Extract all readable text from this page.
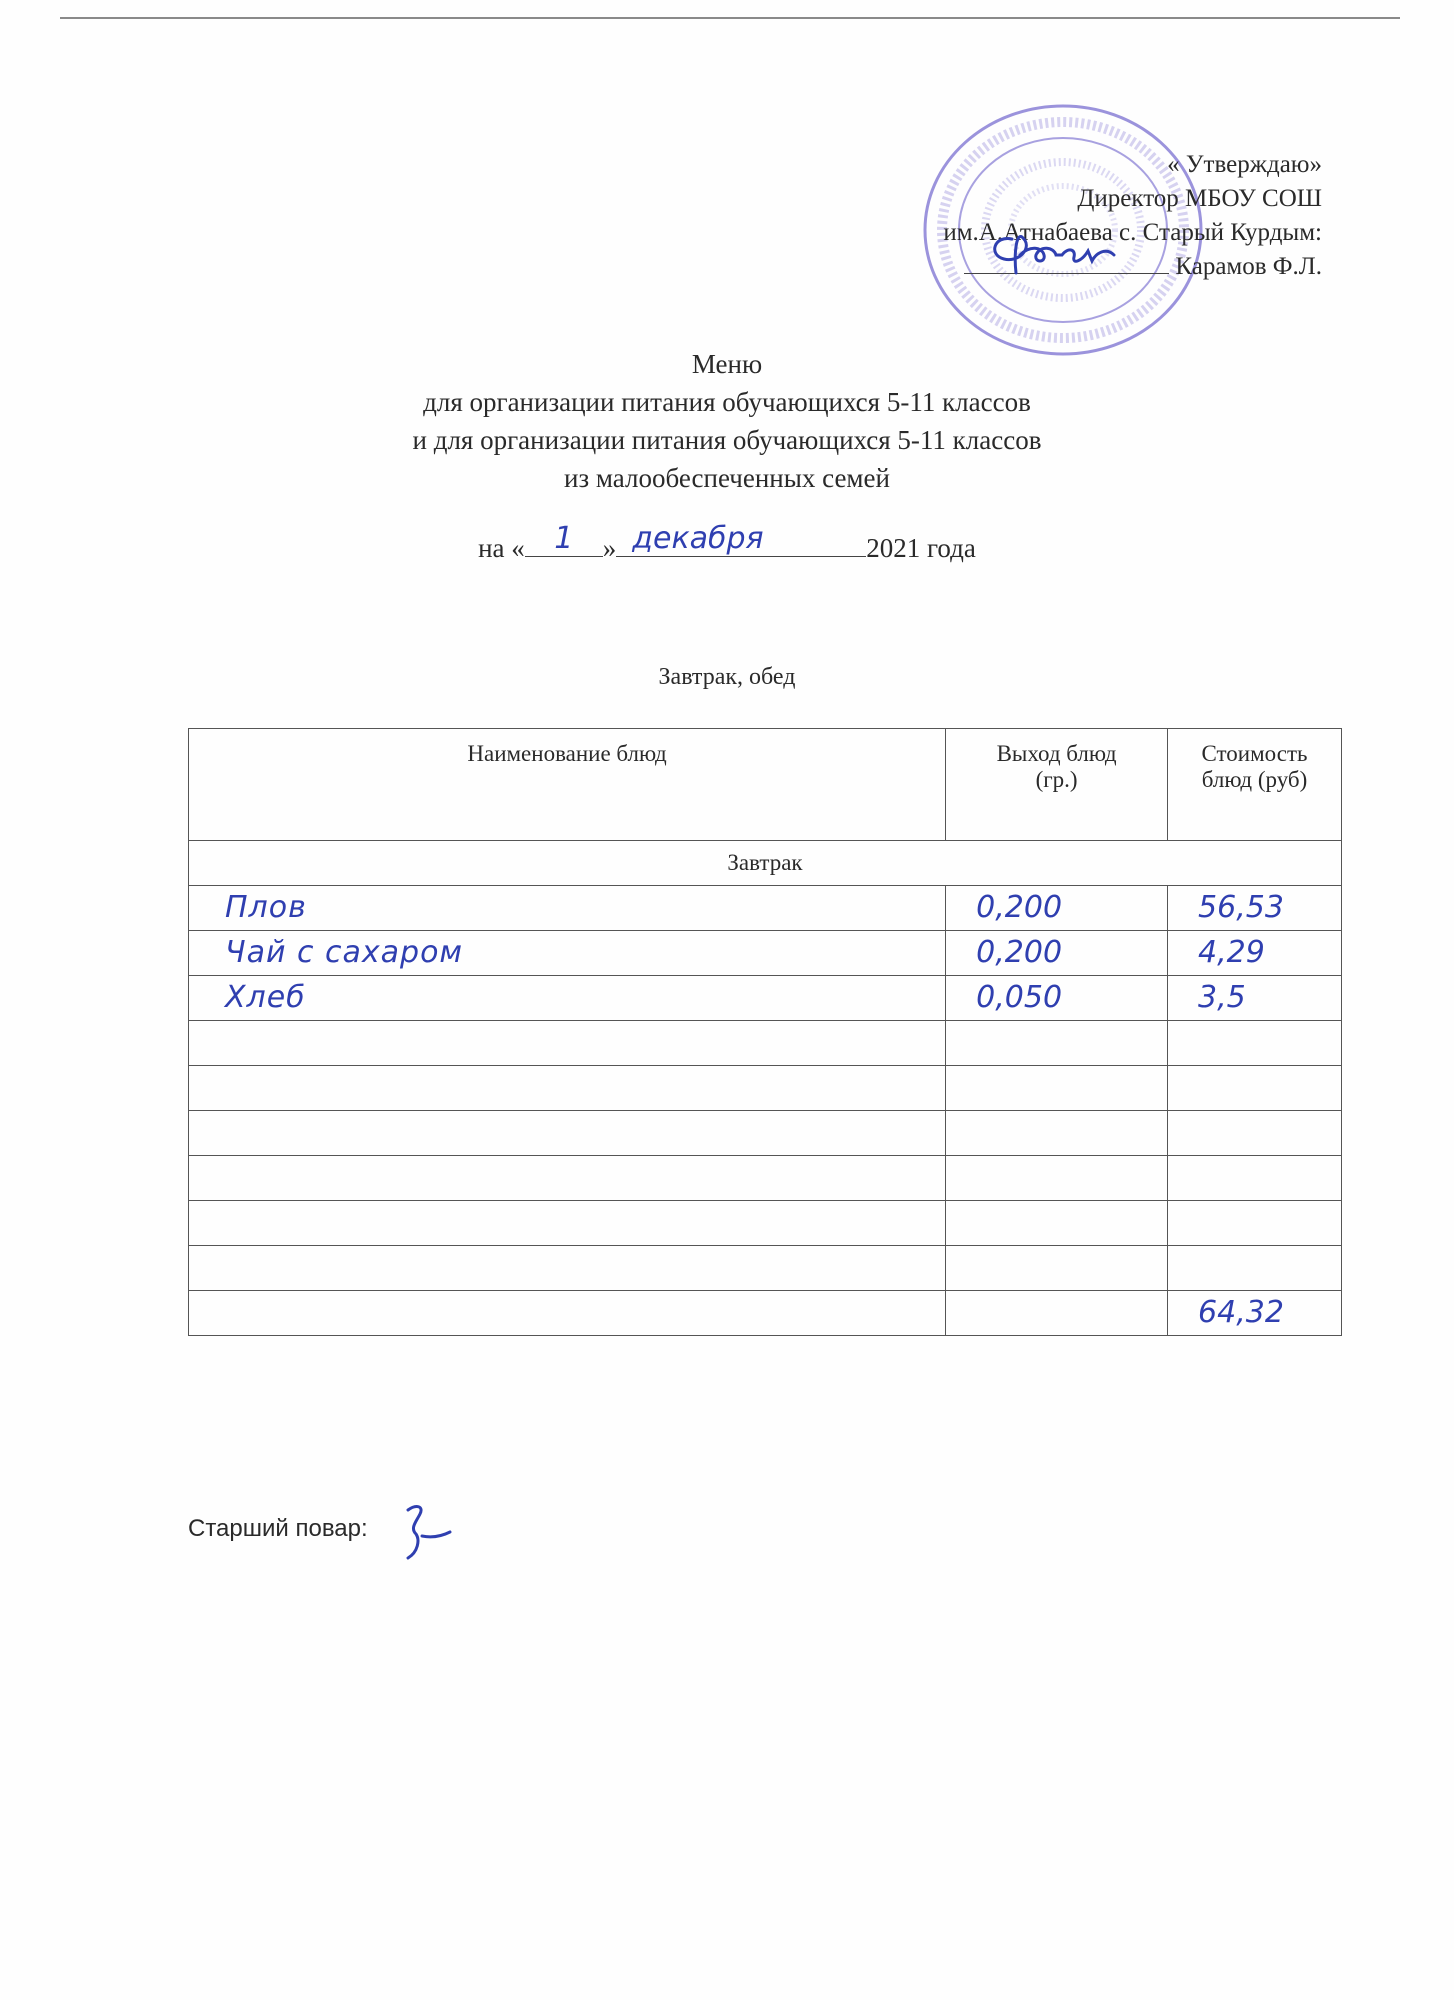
« Утверждаю»
Директор МБОУ СОШ
им.А.Атнабаева с. Старый Курдым:
Карамов Ф.Л.
Меню
для организации питания обучающихся 5-11 классов
и для организации питания обучающихся 5-11 классов
из малообеспеченных семей
на « 1	» декабря	2021 года
Завтрак, обед
Наименование блюд	Выход блюд (гр.)	Стоимость блюд (руб)

Завтрак		
Плов	0,200	56,53
Чай с сахаром	0,200	4,29
Хлеб	0,050	3,5

		64,32
Старший повар:
